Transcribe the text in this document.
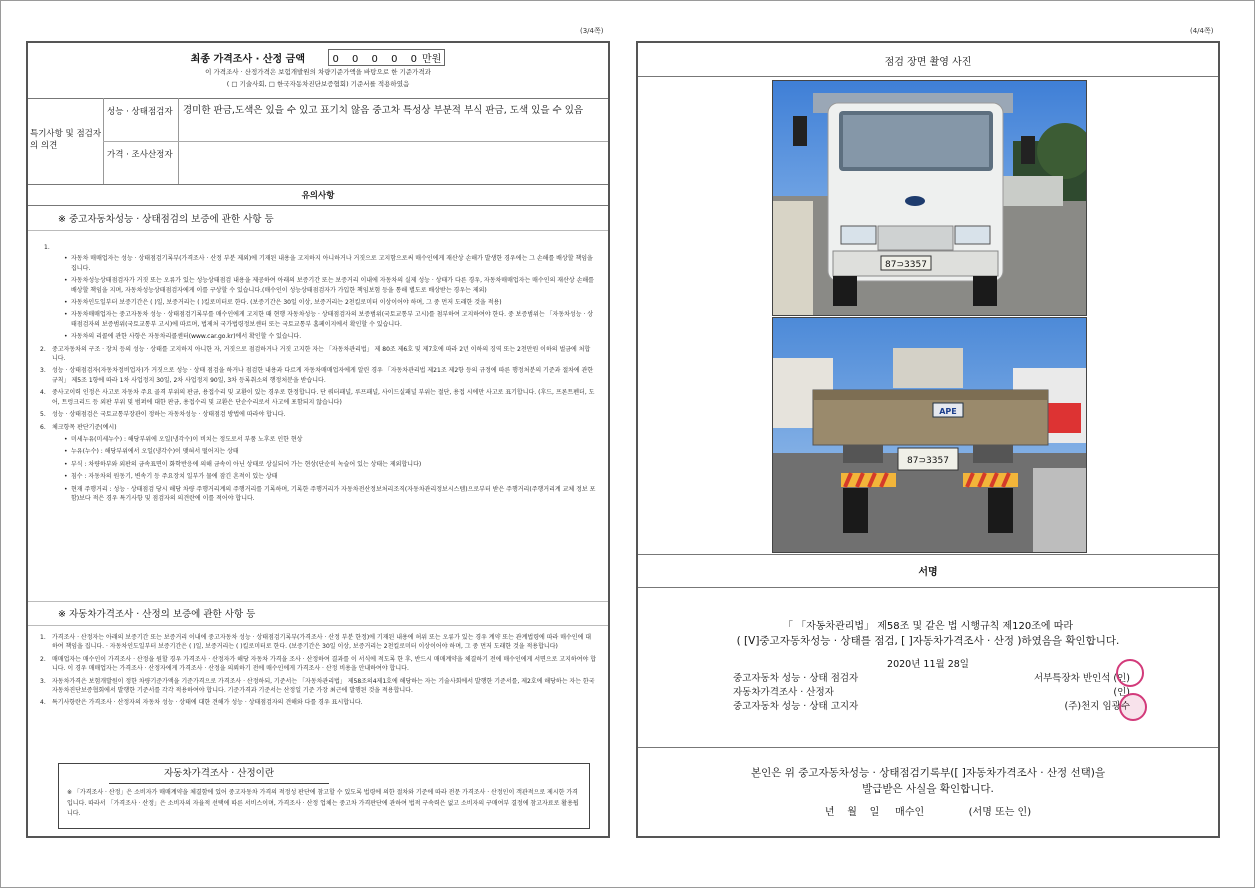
(3/4쪽)	(4/4쪽)
최종 가격조사 · 산정 금액	0 0 0 0 0만원
이 가격조사 · 산정가격은 보험개발원의 차량기준가액을 바탕으로 한 기준가격과
( □ 기술사회, □ 한국자동차진단보증협회) 기준서를 적용하였음
특기사항 및 점검자의 의견
성능 · 상태점검자 경미한 판금,도색은 있을 수 있고 표기치 않음 중고차 특성상 부분적 부식 판금, 도색 있을 수 있음
가격 · 조사산정자
유의사항
※ 중고자동차성능 · 상태점검의 보증에 관한 사항 등

1.

• 자동차 매매업자는 성능 · 상태점검기록부(가격조사 · 산정 부분 제외)에 기재된 내용을 고지하지 아니하거나 거짓으로 고지함으로써 매수인에게 재산상 손해가 발생한 경우에는 그 손해를 배상할 책임을 집니다.

• 자동차성능상태점검자가 거짓 또는 오류가 있는 성능상태점검 내용을 제공하여 아래의 보증기간 또는 보증거리 이내에 자동차의 실제 성능 · 상태가 다른 경우, 자동차매매업자는 매수인의 재산상 손해를 배상할 책임을 지며, 자동차성능상태점검자에게 이를 구상할 수 있습니다.(매수인이 성능상태점검자가 가입한 책임보험 등을 통해 별도로 배상받는 경우는 제외)

• 자동차인도일부터 보증기간은 ( )일, 보증거리는 ( )킬로미터로 한다. (보증기간은 30일 이상, 보증거리는 2천킬로미터 이상이어야 하며, 그 중 먼저 도래한 것을 적용)

• 자동차매매업자는 중고자동차 성능 · 상태점검기록부를 매수인에게 고지한 때 현행 자동차성능 · 상태점검자의 보증범위(국토교통부 고시)를 첨부하여 고지하여야 한다. 중 보증범위는 「자동차성능 · 상태점검자의 보증범위(국토교통부 고시)에 따르며, 법제처 국가법령정보센터 또는 국토교통부 홈페이지에서 확인할 수 있습니다.

• 자동차의 리콜에 관한 사항은 자동차리콜센터(www.car.go.kr)에서 확인할 수 있습니다.

2. 중고자동차의 구조 · 장치 등의 성능 · 상태를 고지하지 아니한 자, 거짓으로 점검하거나 거짓 고지한 자는 「자동차관리법」 제 80조 제6호 및 제7호에 따라 2년 이하의 징역 또는 2천만원 이하의 벌금에 처합니다.

3. 성능 · 상태점검자(자동차정비업자)가 거짓으로 성능 · 상태 점검을 하거나 점검한 내용과 다르게 자동차매매업자에게 알린 경우 「자동차관리법 제21조 제2항 등의 규정에 따른 행정처분의 기준과 절차에 관한 규칙」 제5조 1항에 따라 1차 사업정지 30일, 2차 사업정지 90일, 3차 등록취소의 행정처분을 받습니다.

4. 중사고이력 인정은 사고로 자동차 주요 골격 부위의 판금, 용접수리 및 교환이 있는 경우로 한정합니다. 단 쿼터패널, 루프패널, 사이드실패널 부위는 절단, 용접 시에만 사고로 표기합니다. (후드, 프론트펜더, 도어, 트렁크리드 등 외판 부위 및 범퍼에 대한 판금, 용접수리 및 교환은 단순수리로서 사고에 포함되지 않습니다)

5. 성능 · 상태점검은 국토교통부장관이 정하는 자동차성능 · 상태점검 방법에 따라야 합니다.

6. 체크항목 판단기준(예시)

• 미세누유(미세누수) : 해당부위에 오일(냉각수)이 비치는 정도로서 부품 노후로 인한 현상

• 누유(누수) : 해당부위에서 오일(냉각수)이 맺혀서 떨어지는 상태

• 부식 : 차량하부와 외판의 금속표면이 화학반응에 의해 금속이 아닌 상태로 상실되어 가는 현상(단순히 녹슬어 있는 상태는 제외합니다)

• 침수 : 자동차의 원동기, 변속기 등 주요장치 일부가 물에 잠긴 흔적이 있는 상태

• 현재 주행거리 : 성능 · 상태점검 당시 해당 차량 주행거리계의 주행거리를 기록하며, 기록한 주행거리가 자동차전산정보처리조직(자동차관리정보시스템)으로부터 받은 주행거리(주행거리계 교체 정보 포함)보다 적은 경우 특기사항 및 점검자의 의견란에 이를 적어야 합니다.

※ 자동차가격조사 · 산정의 보증에 관한 사항 등

1. 가격조사 · 산정자는 아래의 보증기간 또는 보증거리 이내에 중고자동차 성능 · 상태점검기록부(가격조사 · 산정 부분 한정)에 기재된 내용에 허위 또는 오류가 있는 경우 계약 또는 관계법령에 따라 매수인에 대하여 책임을 집니다. · 자동차인도일부터 보증기간은 ( )일, 보증거리는 ( )킬로미터로 한다. (보증기간은 30일 이상, 보증거리는 2천킬로미터 이상이어야 하며, 그 중 먼저 도래한 것을 적용합니다)

2. 매매업자는 매수인이 가격조사 · 산정을 원할 경우 가격조사 · 산정자가 해당 자동차 가격을 조사 · 산정하여 결과를 이 서식에 적도록 한 후, 반드시 매매계약을 체결하기 전에 매수인에게 서면으로 고지하여야 합니다. 이 경우 매매업자는 가격조사 · 산정자에게 가격조사 · 산정을 의뢰하기 전에 매수인에게 가격조사 · 산정 비용을 안내하여야 합니다.

3. 자동차가격은 보험개발원이 정한 차량기준가액을 기준가격으로 가격조사 · 산정하되, 기준서는 「자동차관리법」 제58조의4제1호에 해당하는 자는 기술사회에서 발행한 기준서를, 제2호에 해당하는 자는 한국자동차진단보증협회에서 발행한 기준서를 각각 적용하여야 합니다. 기준가격과 기준서는 산정일 기준 가장 최근에 발행된 것을 적용합니다.

4. 특기사항란은 가격조사 · 산정자의 자동차 성능 · 상태에 대한 견해가 성능 · 상태점검자의 견해와 다를 경우 표시합니다.

자동차가격조사 · 산정이란
※ 「가격조사 · 산정」은 소비자가 매매계약을 체결함에 있어 중고자동차 가격의 적정성 판단에 참고할 수 있도록 법령에 의한 절차와 기준에 따라 전문 가격조사 · 산정인이 객관적으로 제시한 가격입니다. 따라서 「가격조사 · 산정」은 소비자의 자율적 선택에 따른 서비스이며, 가격조사 · 산정 업체는 중고차 가격판단에 관하여 법적 구속력은 없고 소비자의 구매여부 결정에 참고자료로 활용됩니다.
점검 장면 촬영 사진
87⊃3357
APE
87⊃3357
서명
「 「자동차관리법」 제58조 및 같은 법 시행규칙 제120조에 따라
( [V]중고자동차성능 · 상태를 점검, [ ]자동차가격조사 · 산정 )하였음을 확인합니다.
2020년 11월 28일
중고자동차 성능 · 상태 점검자	서부특장차 반인석 (인)
자동차가격조사 · 산정자	(인)
중고자동차 성능 · 상태 고지자	(주)천지 임광수
본인은 위 중고자동차성능 · 상태점검기록부([ ]자동차가격조사 · 산정 선택)을
발급받은 사실을 확인합니다.
년    월    일     매수인              (서명 또는 인)
